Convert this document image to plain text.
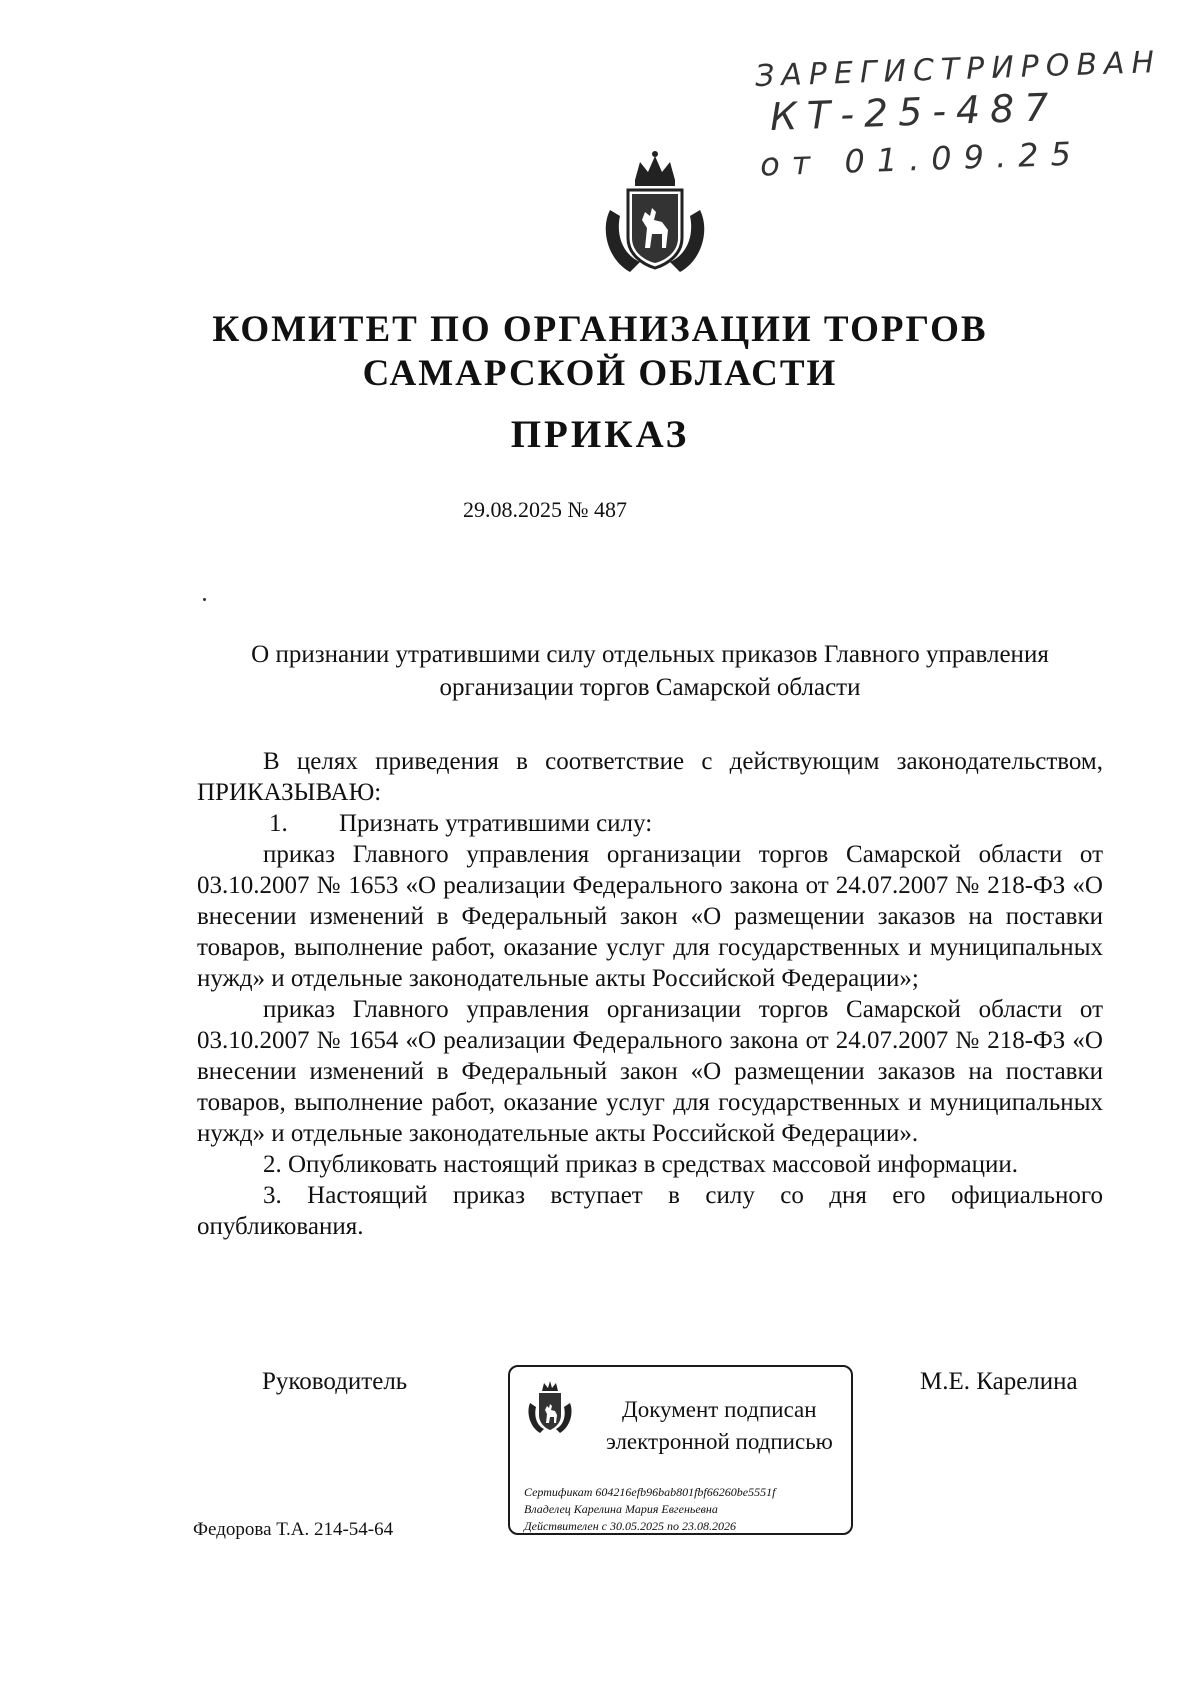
ЗАРЕГИСТРИРОВАН
КТ-25-487
от 01.09.25
КОМИТЕТ ПО ОРГАНИЗАЦИИ ТОРГОВ
САМАРСКОЙ ОБЛАСТИ
ПРИКАЗ
29.08.2025 № 487
О признании утратившими силу отдельных приказов Главного управления
организации торгов Самарской области

В целях приведения в соответствие с действующим законодательством, ПРИКАЗЫВАЮ:

1. Признать утратившими силу:

приказ Главного управления организации торгов Самарской области от 03.10.2007 № 1653 «О реализации Федерального закона от 24.07.2007 № 218-ФЗ «О внесении изменений в Федеральный закон «О размещении заказов на поставки товаров, выполнение работ, оказание услуг для государственных и муниципальных нужд» и отдельные законодательные акты Российской Федерации»;

приказ Главного управления организации торгов Самарской области от 03.10.2007 № 1654 «О реализации Федерального закона от 24.07.2007 № 218-ФЗ «О внесении изменений в Федеральный закон «О размещении заказов на поставки товаров, выполнение работ, оказание услуг для государственных и муниципальных нужд» и отдельные законодательные акты Российской Федерации».

2. Опубликовать настоящий приказ в средствах массовой информации.

3. Настоящий приказ вступает в силу со дня его официального опубликования.

Руководитель	М.Е. Карелина
Документ подписан
электронной подписью
Сертификат 604216efb96bab801fbf66260be5551f
Владелец Карелина Мария Евгеньевна
Действителен с 30.05.2025 по 23.08.2026
Федорова Т.А. 214-54-64
